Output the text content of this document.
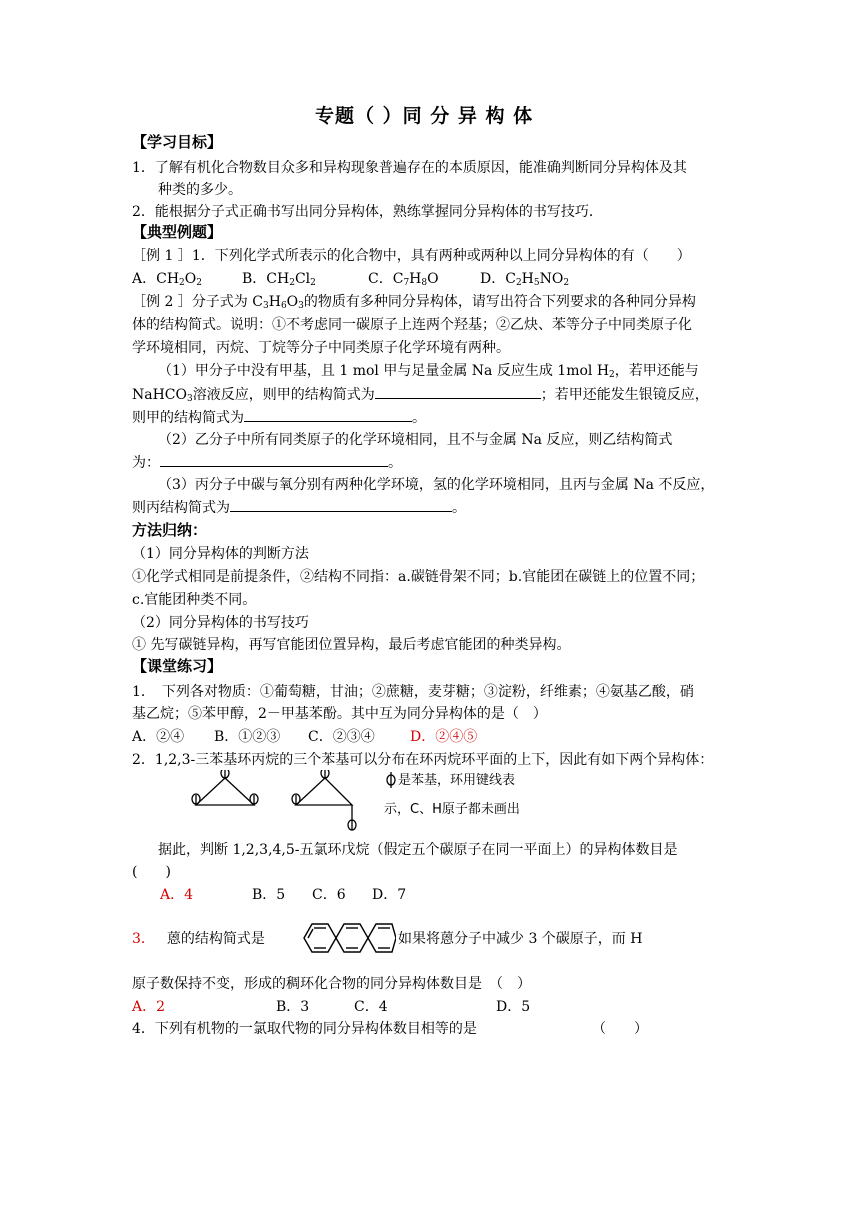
专题（ ）同 分 异 构 体
【学习目标】
1．了解有机化合物数目众多和异构现象普遍存在的本质原因，能准确判断同分异构体及其
种类的多少。
2．能根据分子式正确书写出同分异构体，熟练掌握同分异构体的书写技巧．
【典型例题】
［例 1 ］1．下列化学式所表示的化合物中，具有两种或两种以上同分异构体的有（　　）
A．$CH_2O_2$	B．$CH_2Cl_2$	C．$C_7H_8O$	D．$C_2H_5NO_2$
［例 2 ］分子式为 $C_3H_6O_3$的物质有多种同分异构体，请写出符合下列要求的各种同分异构
体的结构简式。说明：①不考虑同一碳原子上连两个羟基；②乙炔、苯等分子中同类原子化
学环境相同，丙烷、丁烷等分子中同类原子化学环境有两种。
（1）甲分子中没有甲基，且 1 mol 甲与足量金属 Na 反应生成 1mol $H_2$，若甲还能与
NaHCO$_3$溶液反应，则甲的结构简式为	；若甲还能发生银镜反应，
则甲的结构简式为	。
（2）乙分子中所有同类原子的化学环境相同，且不与金属 Na 反应，则乙结构简式
为：	。
（3）丙分子中碳与氧分别有两种化学环境，氢的化学环境相同，且丙与金属 Na 不反应，
则丙结构简式为	。
方法归纳：
（1）同分异构体的判断方法
①化学式相同是前提条件，②结构不同指：a.碳链骨架不同；b.官能团在碳链上的位置不同；
c.官能团种类不同。
（2）同分异构体的书写技巧
① 先写碳链异构，再写官能团位置异构，最后考虑官能团的种类异构。
【课堂练习】
1．　下列各对物质：①葡萄糖，甘油；②蔗糖，麦芽糖；③淀粉，纤维素；④氨基乙酸，硝
基乙烷；⑤苯甲醇，2－甲基苯酚。其中互为同分异构体的是（　）
A．②④ B．①②③ C．②③④	D．②④⑤
2．1,2,3-三苯基环丙烷的三个苯基可以分布在环丙烷环平面的上下，因此有如下两个异构体：
是苯基，环用键线表
示，C、H原子都未画出
据此，判断 1,2,3,4,5-五氯环戊烷（假定五个碳原子在同一平面上）的异构体数目是
(　　)
A．4	B．5 C．6 D．7
3． 蒽的结构简式是	如果将蒽分子中减少 3 个碳原子，而 H
原子数保持不变，形成的稠环化合物的同分异构体数目是　（　）
A．2	B．3	C．4	D．5
4．下列有机物的一氯取代物的同分异构体数目相等的是	（　　）
